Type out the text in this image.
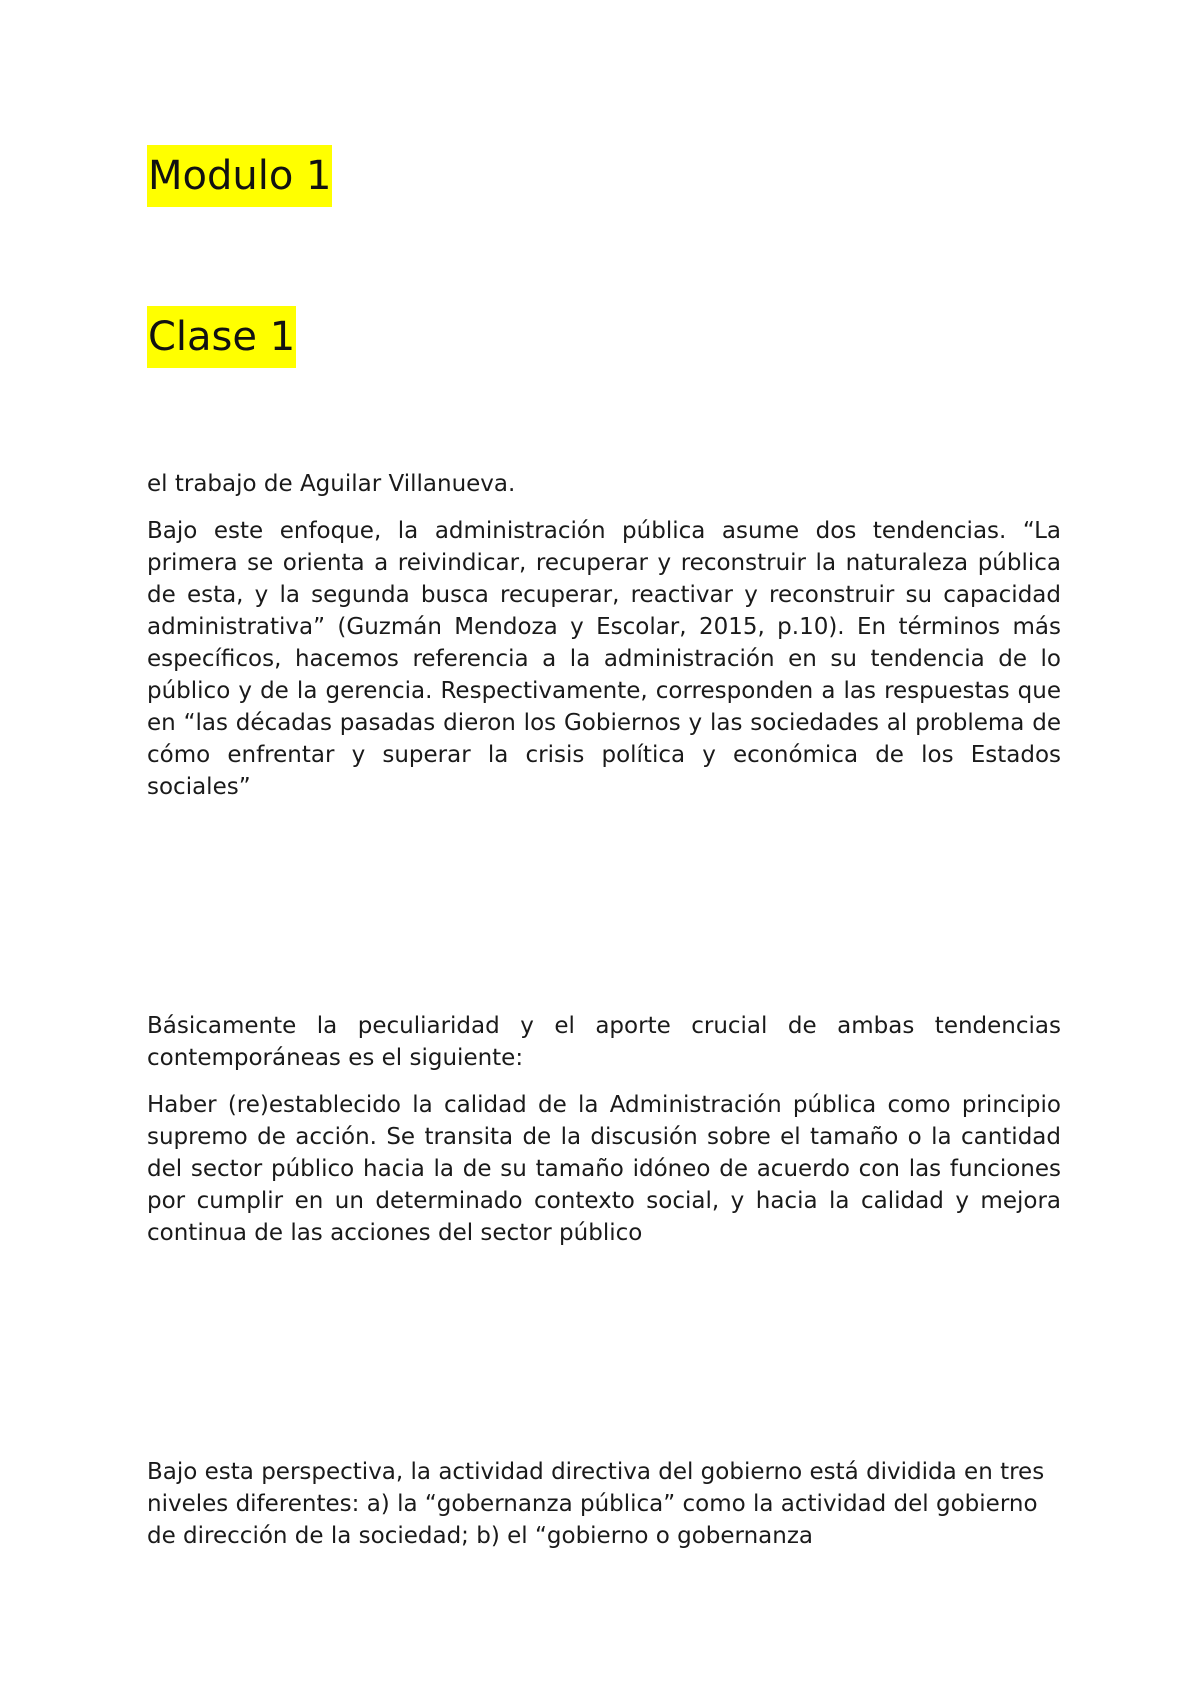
Modulo 1
Clase 1

el trabajo de Aguilar Villanueva.

Bajo este enfoque, la administración pública asume dos tendencias. “La primera se orienta a reivindicar, recuperar y reconstruir la naturaleza pública de esta, y la segunda busca recuperar, reactivar y reconstruir su capacidad administrativa” (Guzmán Mendoza y Escolar, 2015, p.10). En términos más específicos, hacemos referencia a la administración en su tendencia de lo público y de la gerencia. Respectivamente, corresponden a las respuestas que en “las décadas pasadas dieron los Gobiernos y las sociedades al problema de cómo enfrentar y superar la crisis política y económica de los Estados sociales”

Básicamente la peculiaridad y el aporte crucial de ambas tendencias contemporáneas es el siguiente:

Haber (re)establecido la calidad de la Administración pública como principio supremo de acción. Se transita de la discusión sobre el tamaño o la cantidad del sector público hacia la de su tamaño idóneo de acuerdo con las funciones por cumplir en un determinado contexto social, y hacia la calidad y mejora continua de las acciones del sector público

Bajo esta perspectiva, la actividad directiva del gobierno está dividida en tres niveles diferentes: a) la “gobernanza pública” como la actividad del gobierno de dirección de la sociedad; b) el “gobierno o gobernanza
